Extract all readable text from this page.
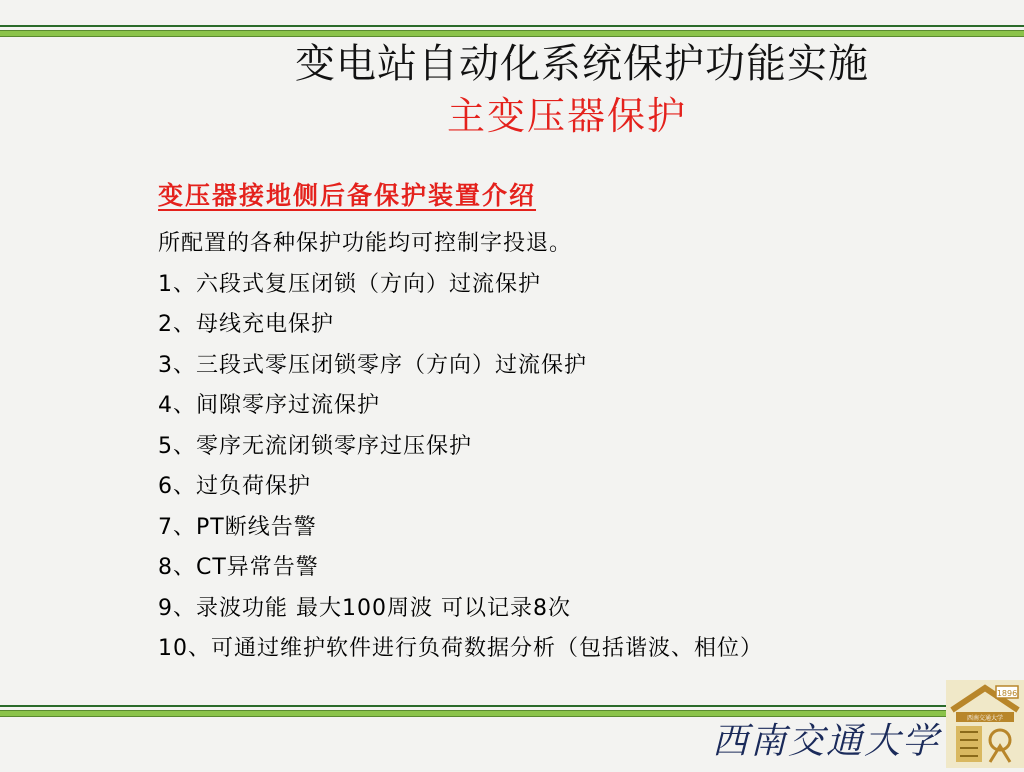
变电站自动化系统保护功能实施
主变压器保护
变压器接地侧后备保护装置介绍
所配置的各种保护功能均可控制字投退。
1、六段式复压闭锁（方向）过流保护
2、母线充电保护
3、三段式零压闭锁零序（方向）过流保护
4、间隙零序过流保护
5、零序无流闭锁零序过压保护
6、过负荷保护
7、PT断线告警
8、CT异常告警
9、录波功能 最大100周波 可以记录8次
10、可通过维护软件进行负荷数据分析（包括谐波、相位）
西南交通大学
1896
西南交通大学
